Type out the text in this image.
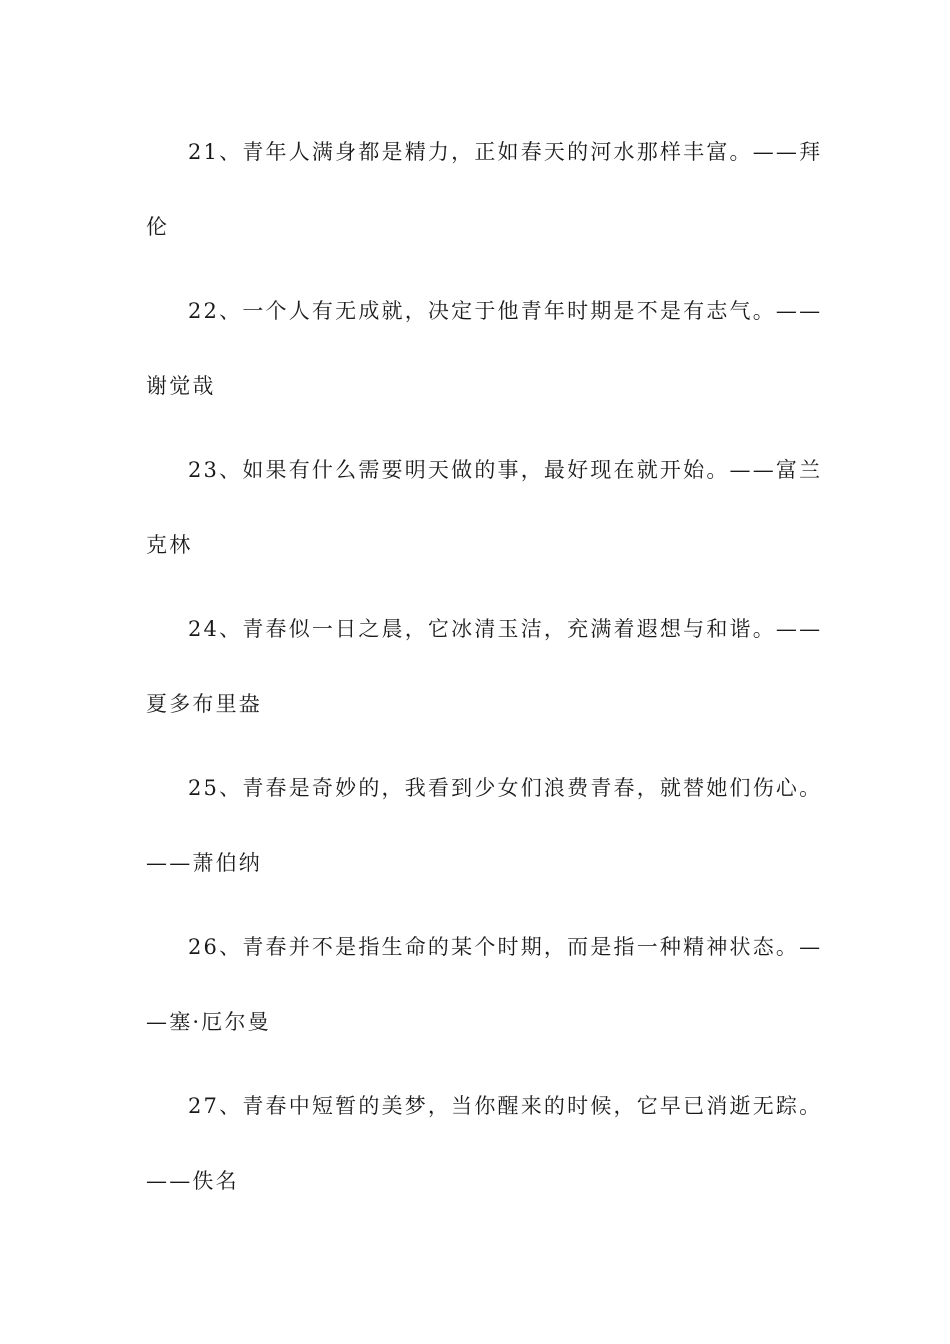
21、青年人满身都是精力，正如春天的河水那样丰富。——拜
伦
22、一个人有无成就，决定于他青年时期是不是有志气。——
谢觉哉
23、如果有什么需要明天做的事，最好现在就开始。——富兰
克林
24、青春似一日之晨，它冰清玉洁，充满着遐想与和谐。——
夏多布里盎
25、青春是奇妙的，我看到少女们浪费青春，就替她们伤心。
——萧伯纳
26、青春并不是指生命的某个时期，而是指一种精神状态。—
—塞·厄尔曼
27、青春中短暂的美梦，当你醒来的时候，它早已消逝无踪。
——佚名
